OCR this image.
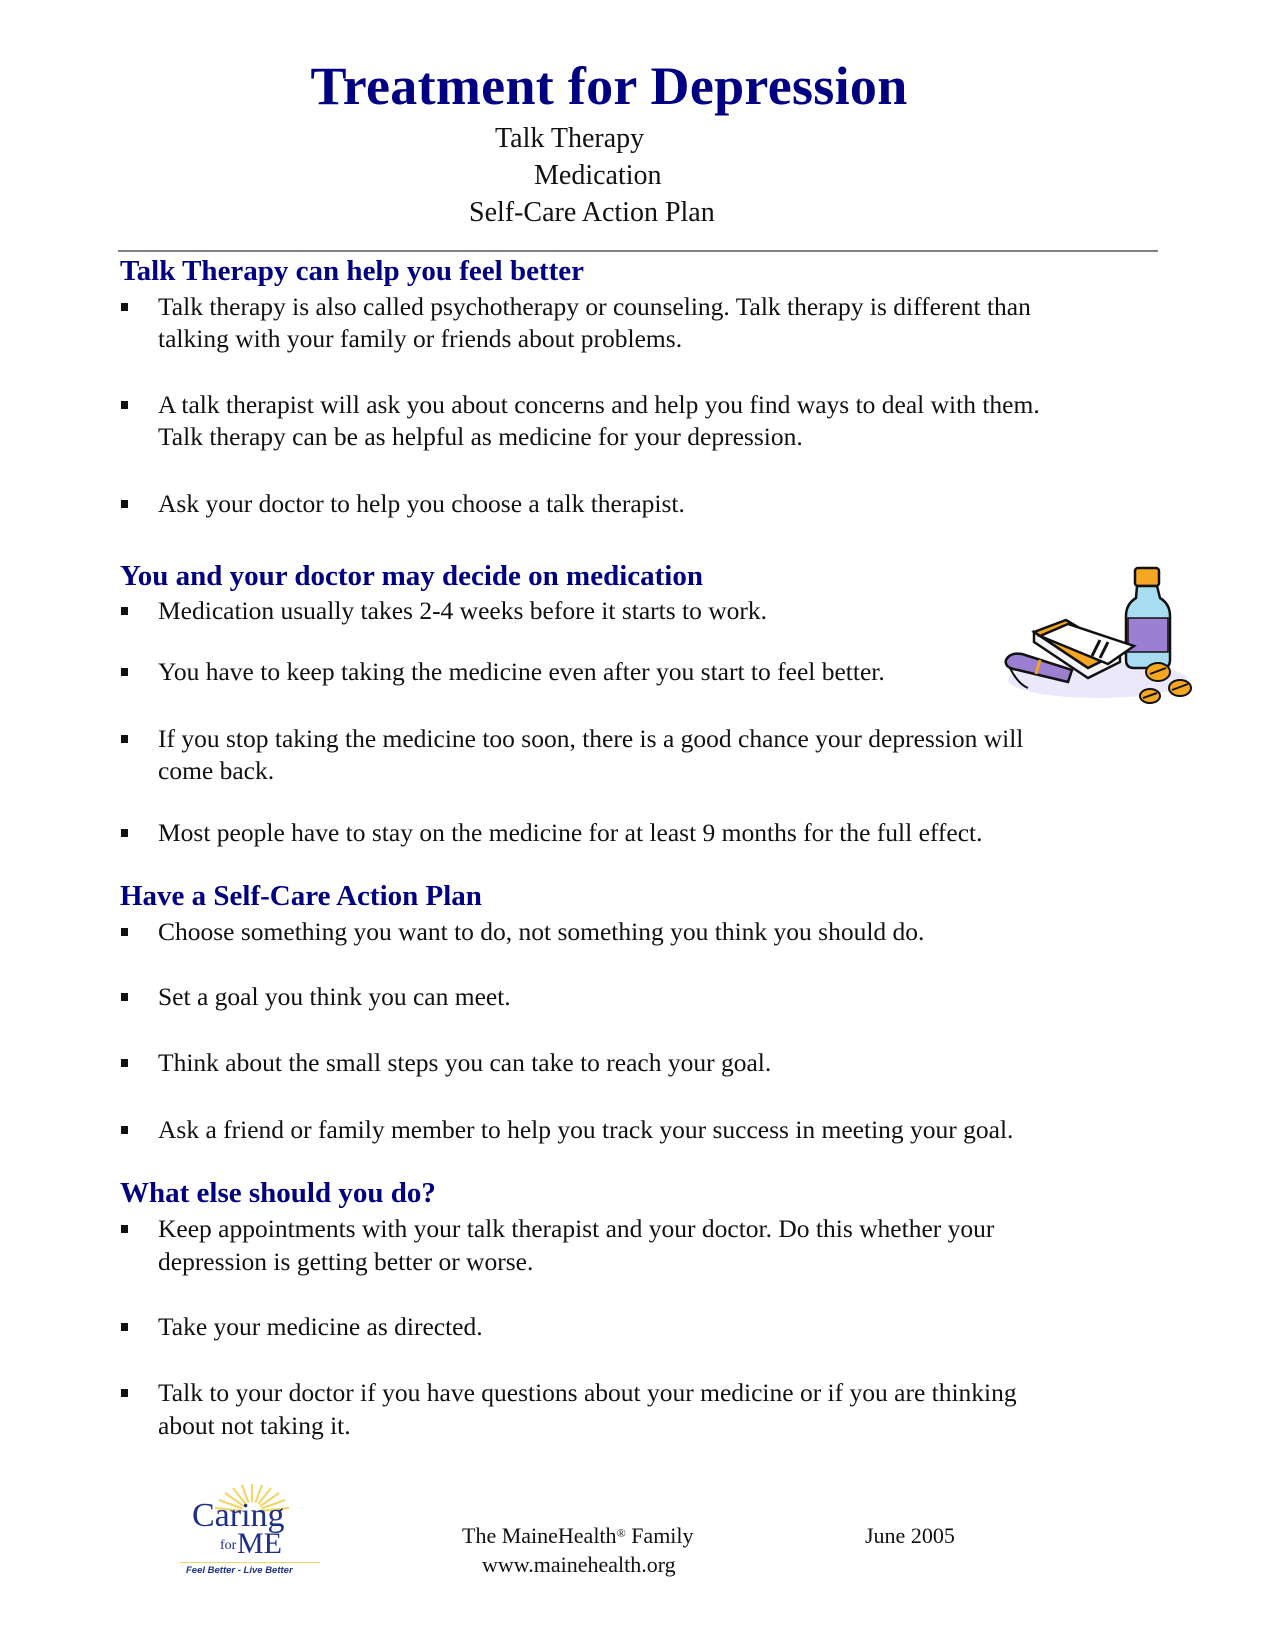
Treatment for Depression
Talk Therapy
Medication
Self-Care Action Plan
Talk Therapy can help you feel better
Talk therapy is also called psychotherapy or counseling. Talk therapy is different than
talking with your family or friends about problems.
A talk therapist will ask you about concerns and help you find ways to deal with them.
Talk therapy can be as helpful as medicine for your depression.
Ask your doctor to help you choose a talk therapist.
You and your doctor may decide on medication
Medication usually takes 2-4 weeks before it starts to work.
You have to keep taking the medicine even after you start to feel better.
If you stop taking the medicine too soon, there is a good chance your depression will
come back.
Most people have to stay on the medicine for at least 9 months for the full effect.
Have a Self-Care Action Plan
Choose something you want to do, not something you think you should do.
Set a goal you think you can meet.
Think about the small steps you can take to reach your goal.
Ask a friend or family member to help you track your success in meeting your goal.
What else should you do?
Keep appointments with your talk therapist and your doctor. Do this whether your
depression is getting better or worse.
Take your medicine as directed.
Talk to your doctor if you have questions about your medicine or if you are thinking
about not taking it.
Caring
for ME
Feel Better - Live Better
The MaineHealth® Family
www.mainehealth.org
June 2005
